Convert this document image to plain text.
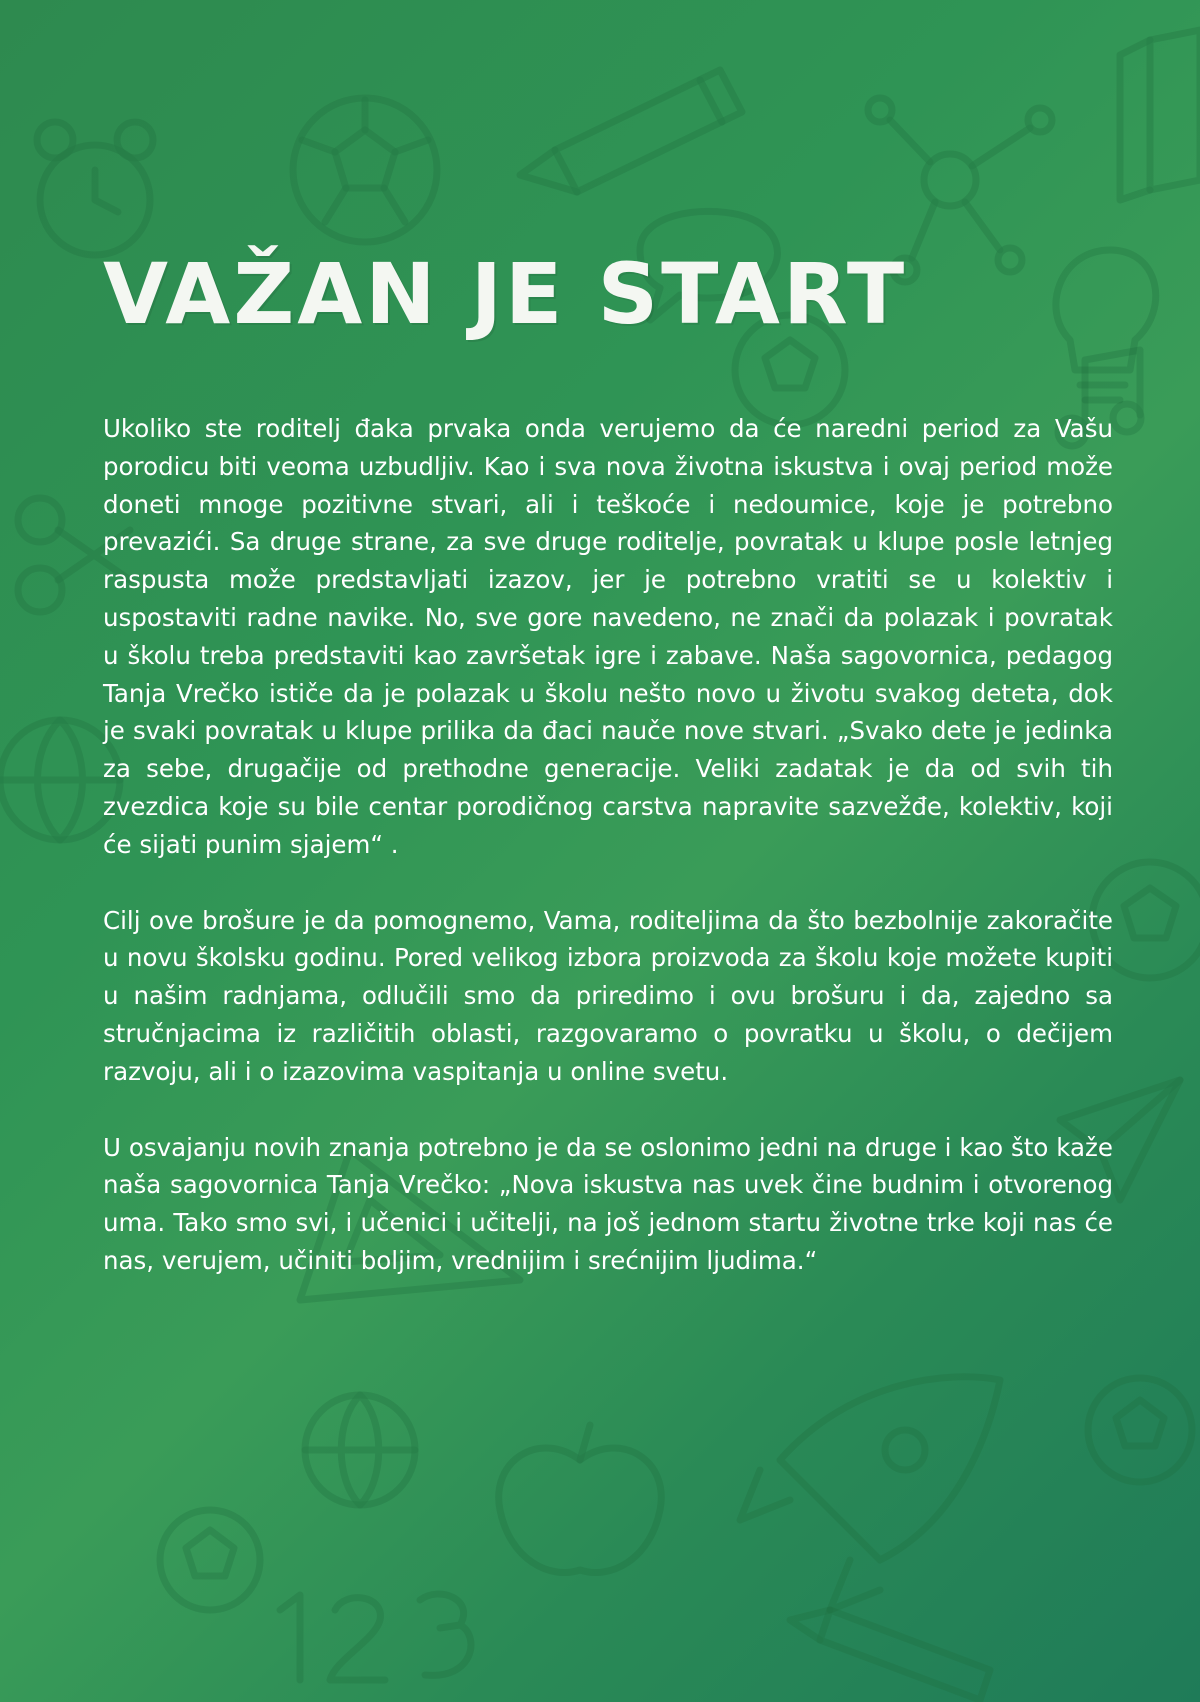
VAŽAN JE START

Ukoliko ste roditelj đaka prvaka onda verujemo da će naredni period za Vašu porodicu biti veoma uzbudljiv. Kao i sva nova životna iskustva i ovaj period može doneti mnoge pozitivne stvari, ali i teškoće i nedoumice, koje je potrebno prevazići. Sa druge strane, za sve druge roditelje, povratak u klupe posle letnjeg raspusta može predstavljati izazov, jer je potrebno vratiti se u kolektiv i uspostaviti radne navike. No, sve gore navedeno, ne znači da polazak i povratak u školu treba predstaviti kao završetak igre i zabave. Naša sagovornica, pedagog Tanja Vrečko ističe da je polazak u školu nešto novo u životu svakog deteta, dok je svaki povratak u klupe prilika da đaci nauče nove stvari. „Svako dete je jedinka za sebe, drugačije od prethodne generacije. Veliki zadatak je da od svih tih zvezdica koje su bile centar porodičnog carstva napravite sazvežđe, kolektiv, koji će sijati punim sjajem“ .

Cilj ove brošure je da pomognemo, Vama, roditeljima da što bezbolnije zakoračite u novu školsku godinu. Pored velikog izbora proizvoda za školu koje možete kupiti u našim radnjama, odlučili smo da priredimo i ovu brošuru i da, zajedno sa stručnjacima iz različitih oblasti, razgovaramo o povratku u školu, o dečijem razvoju, ali i o izazovima vaspitanja u online svetu.

U osvajanju novih znanja potrebno je da se oslonimo jedni na druge i kao što kaže naša sagovornica Tanja Vrečko: „Nova iskustva nas uvek čine budnim i otvorenog uma. Tako smo svi, i učenici i učitelji, na još jednom startu životne trke koji nas će nas, verujem, učiniti boljim, vrednijim i srećnijim ljudima.“
